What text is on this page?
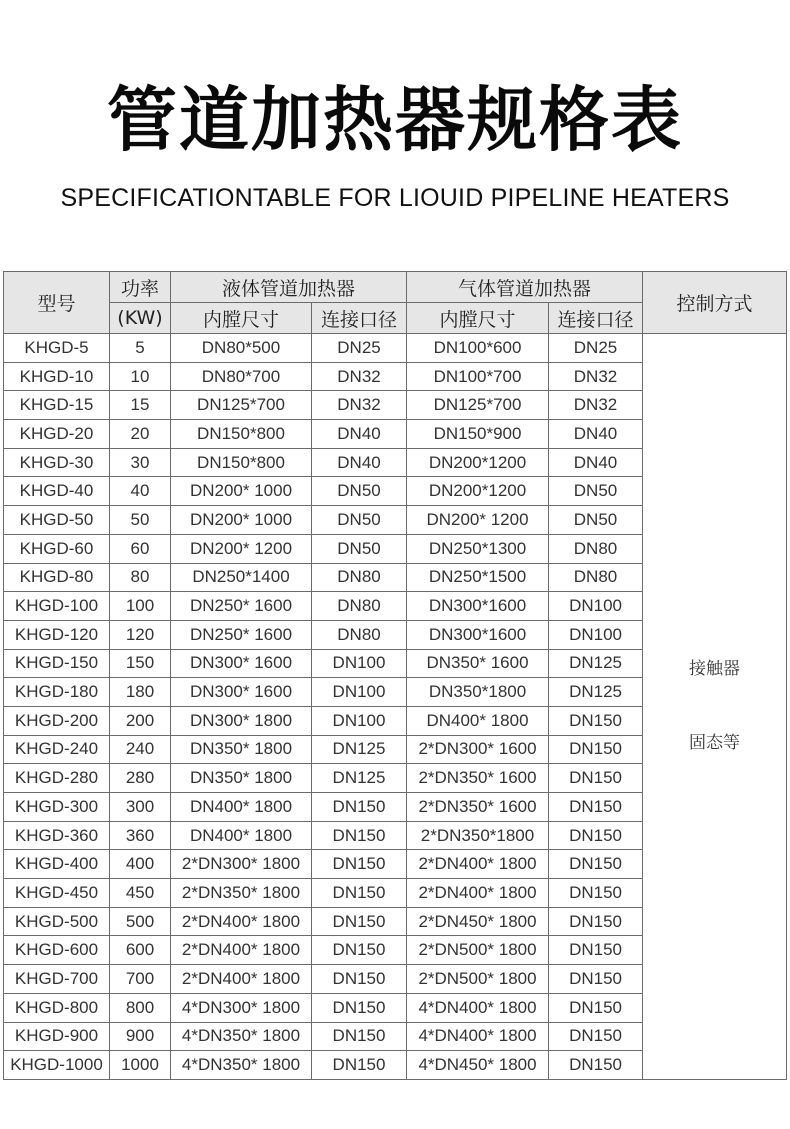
管道加热器规格表
SPECIFICATIONTABLE FOR LIOUID PIPELINE HEATERS
型号	功率	液体管道加热器		气体管道加热器		控制方式
	(KW)	内膛尺寸	连接口径	内膛尺寸	连接口径	
KHGD-5	5	DN80*500	DN25	DN100*600	DN25	接触器
固态等

KHGD-10	10	DN80*700	DN32	DN100*700	DN32	
KHGD-15	15	DN125*700	DN32	DN125*700	DN32	
KHGD-20	20	DN150*800	DN40	DN150*900	DN40	
KHGD-30	30	DN150*800	DN40	DN200*1200	DN40	
KHGD-40	40	DN200* 1000	DN50	DN200*1200	DN50	
KHGD-50	50	DN200* 1000	DN50	DN200* 1200	DN50	
KHGD-60	60	DN200* 1200	DN50	DN250*1300	DN80	
KHGD-80	80	DN250*1400	DN80	DN250*1500	DN80	
KHGD-100	100	DN250* 1600	DN80	DN300*1600	DN100	
KHGD-120	120	DN250* 1600	DN80	DN300*1600	DN100	
KHGD-150	150	DN300* 1600	DN100	DN350* 1600	DN125	
KHGD-180	180	DN300* 1600	DN100	DN350*1800	DN125	
KHGD-200	200	DN300* 1800	DN100	DN400* 1800	DN150	
KHGD-240	240	DN350* 1800	DN125	2*DN300* 1600	DN150	
KHGD-280	280	DN350* 1800	DN125	2*DN350* 1600	DN150	
KHGD-300	300	DN400* 1800	DN150	2*DN350* 1600	DN150	
KHGD-360	360	DN400* 1800	DN150	2*DN350*1800	DN150	
KHGD-400	400	2*DN300* 1800	DN150	2*DN400* 1800	DN150	
KHGD-450	450	2*DN350* 1800	DN150	2*DN400* 1800	DN150	
KHGD-500	500	2*DN400* 1800	DN150	2*DN450* 1800	DN150	
KHGD-600	600	2*DN400* 1800	DN150	2*DN500* 1800	DN150	
KHGD-700	700	2*DN400* 1800	DN150	2*DN500* 1800	DN150	
KHGD-800	800	4*DN300* 1800	DN150	4*DN400* 1800	DN150	
KHGD-900	900	4*DN350* 1800	DN150	4*DN400* 1800	DN150	
KHGD-1000	1000	4*DN350* 1800	DN150	4*DN450* 1800	DN150	
